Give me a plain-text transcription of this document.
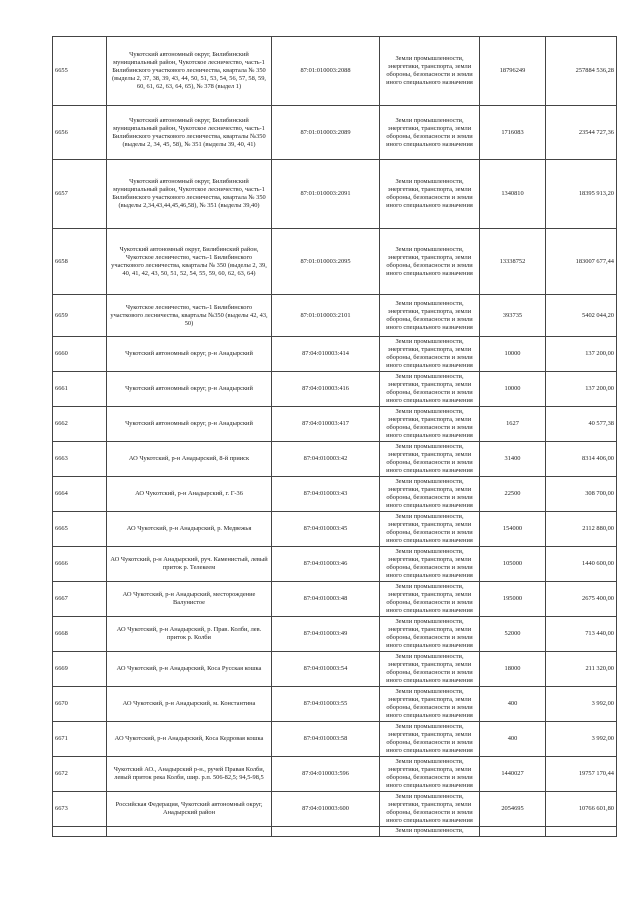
6655	Чукотский автономный округ, Билибинский муниципальный район, Чукотское лесничество, часть-1 Билибинского участкового лесничества, квартала № 350 (выделы 2, 37, 38, 39, 43, 44, 50, 51, 53, 54, 56, 57, 58, 59, 60, 61, 62, 63, 64, 65), № 378 (выдел 1)	87:01:010003:2088	Земли промышленности, энергетики, транспорта, земли обороны, безопасности и земли иного специального назначения	18796249	257884 536,28
6656	Чукотский автономный округ, Билибинский муниципальный район, Чукотское лесничество, часть-1 Билибинского участкового лесничества, кварталы №350 (выделы 2, 34, 45, 58), № 351 (выделы 39, 40, 41)	87:01:010003:2089	Земли промышленности, энергетики, транспорта, земли обороны, безопасности и земли иного специального назначения	1716083	23544 727,36
6657	Чукотский автономный округ, Билибинский муниципальный район, Чукотское лесничество, часть-1 Билибинского участкового лесничества, квартала № 350 (выделы 2,34,43,44,45,46,58), № 351 (выделы 39,40)	87:01:010003:2091	Земли промышленности, энергетики, транспорта, земли обороны, безопасности и земли иного специального назначения	1340810	18395 913,20
6658	Чукотский автономный округ, Билибинский район, Чукотское лесничество, часть-1 Билибинского участкового лесничества, кварталы № 350 (выделы 2, 39, 40, 41, 42, 43, 50, 51, 52, 54, 55, 59, 60, 62, 63, 64)	87:01:010003:2095	Земли промышленности, энергетики, транспорта, земли обороны, безопасности и земли иного специального назначения	13338752	183007 677,44
6659	Чукотское лесничество, часть-1 Билибинского участкового лесничества, кварталы №350 (выделы 42, 43, 50)	87:01:010003:2101	Земли промышленности, энергетики, транспорта, земли обороны, безопасности и земли иного специального назначения	393735	5402 044,20
6660	Чукотский автономный округ, р-н Анадырский	87:04:010003:414	Земли промышленности, энергетики, транспорта, земли обороны, безопасности и земли иного специального назначения	10000	137 200,00
6661	Чукотский автономный округ, р-н Анадырский	87:04:010003:416	Земли промышленности, энергетики, транспорта, земли обороны, безопасности и земли иного специального назначения	10000	137 200,00
6662	Чукотский автономный округ, р-н Анадырский	87:04:010003:417	Земли промышленности, энергетики, транспорта, земли обороны, безопасности и земли иного специального назначения	1627	40 577,38
6663	АО Чукотский, р-н Анадырский, 8-й прииск	87:04:010003:42	Земли промышленности, энергетики, транспорта, земли обороны, безопасности и земли иного специального назначения	31400	8314 406,00
6664	АО Чукотский, р-н Анадырский, г. Г-36	87:04:010003:43	Земли промышленности, энергетики, транспорта, земли обороны, безопасности и земли иного специального назначения	22500	308 700,00
6665	АО Чукотский, р-н Анадырский, р. Медвежья	87:04:010003:45	Земли промышленности, энергетики, транспорта, земли обороны, безопасности и земли иного специального назначения	154000	2112 880,00
6666	АО Чукотский, р-н Анадырский, руч. Каменистый, левый приток р. Телекеем	87:04:010003:46	Земли промышленности, энергетики, транспорта, земли обороны, безопасности и земли иного специального назначения	105000	1440 600,00
6667	АО Чукотский, р-н Анадырский, месторождение Валунистое	87:04:010003:48	Земли промышленности, энергетики, транспорта, земли обороны, безопасности и земли иного специального назначения	195000	2675 400,00
6668	АО Чукотский, р-н Анадырский, р. Прав. Колби, лев. приток р. Колби	87:04:010003:49	Земли промышленности, энергетики, транспорта, земли обороны, безопасности и земли иного специального назначения	52000	713 440,00
6669	АО Чукотский, р-н Анадырский, Коса Русская кошка	87:04:010003:54	Земли промышленности, энергетики, транспорта, земли обороны, безопасности и земли иного специального назначения	18000	211 320,00
6670	АО Чукотский, р-н Анадырский, м. Константина	87:04:010003:55	Земли промышленности, энергетики, транспорта, земли обороны, безопасности и земли иного специального назначения	400	3 992,00
6671	АО Чукотский, р-н Анадырский, Коса Кедровая кошка	87:04:010003:58	Земли промышленности, энергетики, транспорта, земли обороны, безопасности и земли иного специального назначения	400	3 992,00
6672	Чукотский АО., Анадырский р-н., ручей Правая Колби, левый приток река Колби, шир. р.п. 506-82,5; 94,5-98,5	87:04:010003:596	Земли промышленности, энергетики, транспорта, земли обороны, безопасности и земли иного специального назначения	1440027	19757 170,44
6673	Российская Федерация, Чукотский автономный округ, Анадырский район	87:04:010003:600	Земли промышленности, энергетики, транспорта, земли обороны, безопасности и земли иного специального назначения	2054695	10766 601,80
			Земли промышленности,		
